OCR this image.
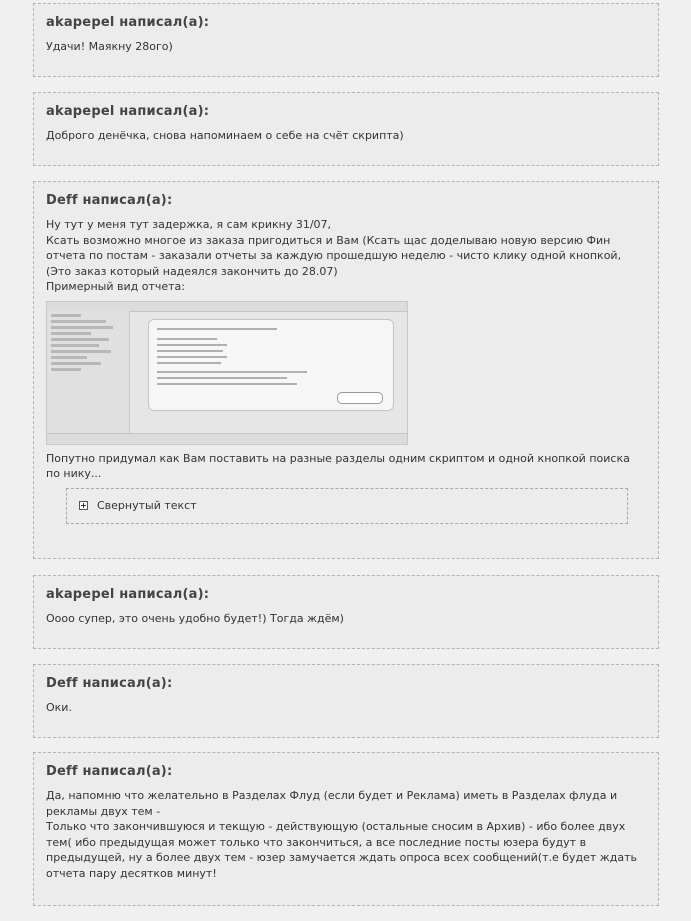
akapepel написал(а):

Удачи! Маякну 28ого)

akapepel написал(а):

Доброго денёчка, снова напоминаем о себе на счёт скрипта)

Deff написал(а):

Ну тут у меня тут задержка, я сам крикну 31/07,

Ксать возможно многое из заказа пригодиться и Вам (Ксать щас доделываю новую версию Фин отчета по постам - заказали отчеты за каждую прошедшую неделю - чисто клику одной кнопкой, (Это заказ который надеялся закончить до 28.07)

Примерный вид отчета:

Попутно придумал как Вам поставить на разные разделы одним скриптом и одной кнопкой поиска по нику...

Свернутый текст
akapepel написал(а):

Оооо супер, это очень удобно будет!) Тогда ждём)

Deff написал(а):

Оки.

Deff написал(а):

Да, напомню что желательно в Разделах Флуд (если будет и Реклама) иметь в Разделах флуда и рекламы двух тем -

Только что закончившуюся и текщую - действующую (остальные сносим в Архив) - ибо более двух тем( ибо предыдущая может только что закончиться, а все последние посты юзера будут в предыдущей, ну а более двух тем - юзер замучается ждать опроса всех сообщений(т.е будет ждать отчета пару десятков минут!
